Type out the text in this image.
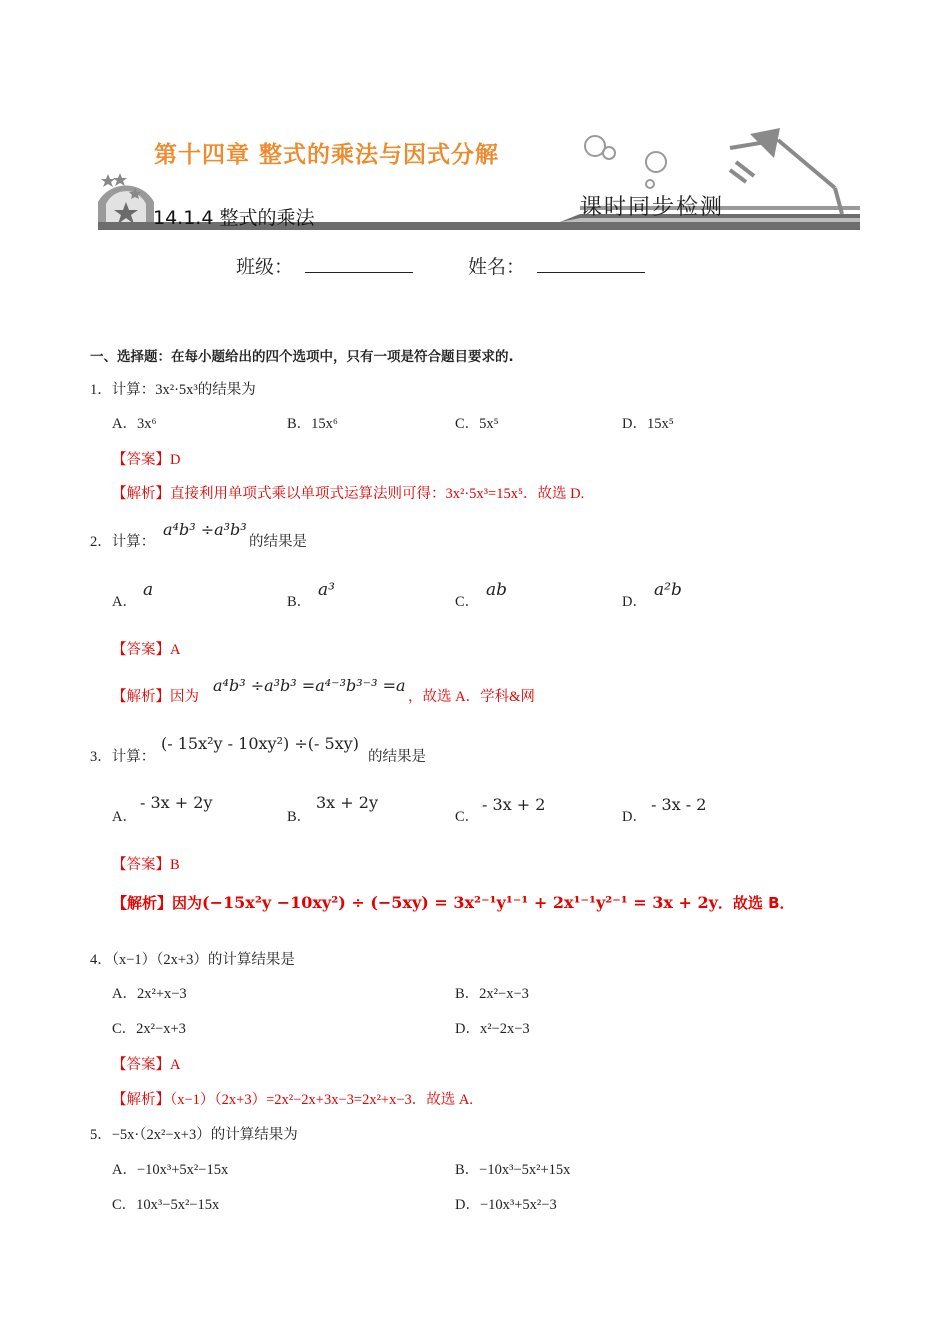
第十四章 整式的乘法与因式分解
14.1.4 整式的乘法	课时同步检测
班级：	姓名：
一、选择题：在每小题给出的四个选项中，只有一项是符合题目要求的.
1．计算：3x²·5x³的结果为
A．3x⁶	B．15x⁶	C．5x⁵	D．15x⁵
【答案】D
【解析】直接利用单项式乘以单项式运算法则可得：3x²·5x³=15x⁵．故选 D.
2．计算：
a⁴b³ ÷a³b³
的结果是
A．
a
B．
a³
C．
ab
D．
a²b
【答案】A
【解析】因为
a⁴b³ ÷a³b³ =a⁴⁻³b³⁻³ =a
，故选 A．学科&网
3．计算：
(- 15x²y - 10xy²) ÷(- 5xy)
的结果是
A．
- 3x + 2y
B．
3x + 2y
C．
- 3x + 2
D．
- 3x - 2
【答案】B
【解析】因为(−15x²y −10xy²) ÷ (−5xy) = 3x²⁻¹y¹⁻¹ + 2x¹⁻¹y²⁻¹ = 3x + 2y．故选 B．
4．（x−1）（2x+3）的计算结果是
A．2x²+x−3	B．2x²−x−3
C．2x²−x+3	D．x²−2x−3
【答案】A
【解析】（x−1）（2x+3）=2x²−2x+3x−3=2x²+x−3．故选 A.
5．−5x·（2x²−x+3）的计算结果为
A．−10x³+5x²−15x	B．−10x³−5x²+15x
C．10x³−5x²−15x	D．−10x³+5x²−3
